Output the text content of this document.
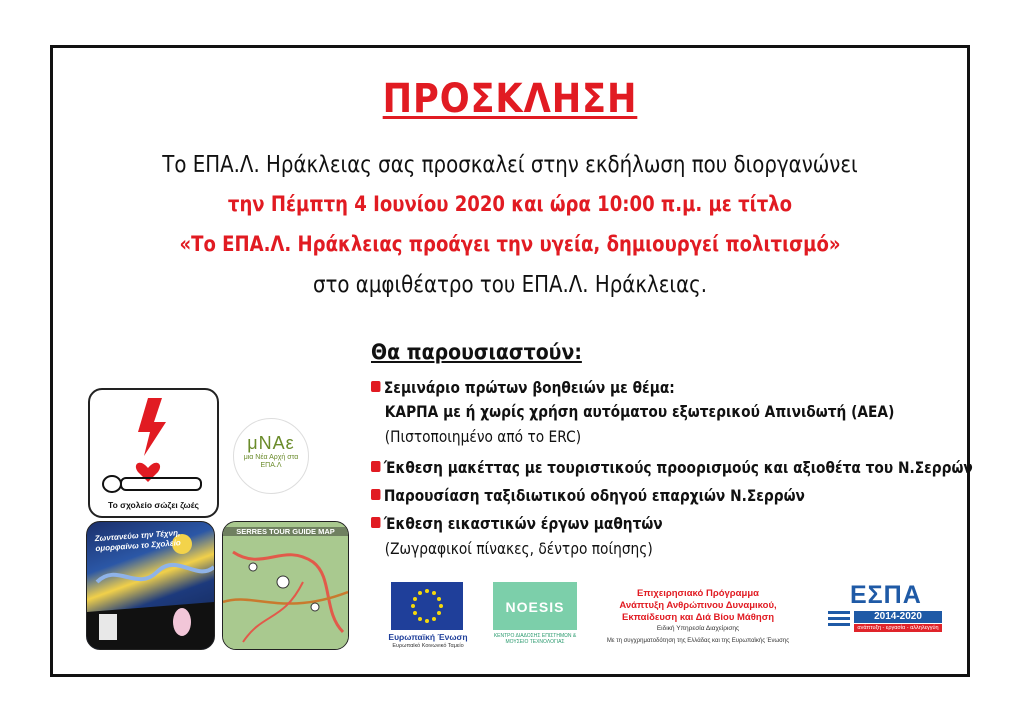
ΠΡΟΣΚΛΗΣΗ
Το ΕΠΑ.Λ. Ηράκλειας σας προσκαλεί στην εκδήλωση που διοργανώνει
την Πέμπτη 4 Ιουνίου 2020 και ώρα 10:00 π.μ. με τίτλο
«Το ΕΠΑ.Λ. Ηράκλειας προάγει την υγεία, δημιουργεί πολιτισμό»
στο αμφιθέατρο του ΕΠΑ.Λ. Ηράκλειας.
Θα παρουσιαστούν:
Σεμινάριο πρώτων βοηθειών με θέμα:
ΚΑΡΠΑ με ή χωρίς χρήση αυτόματου εξωτερικού Απινιδωτή (ΑΕΑ)
(Πιστοποιημένο από το ERC)
Έκθεση μακέττας με τουριστικούς προορισμούς και αξιοθέτα του Ν.Σερρών
Παρουσίαση ταξιδιωτικού οδηγού επαρχιών Ν.Σερρών
Έκθεση εικαστικών έργων μαθητών
(Ζωγραφικοί πίνακες, δέντρο ποίησης)
Το σχολείο σώζει ζωές
μΝΑε
μια Νέα Αρχή στα ΕΠΑ.Λ
Ζωντανεύω την Τέχνη, ομορφαίνω το Σχολείο
SERRES TOUR GUIDE MAP
Ευρωπαϊκή Ένωση
Ευρωπαϊκό Κοινωνικό Ταμείο
NOESIS
ΚΕΝΤΡΟ ΔΙΑΔΟΣΗΣ ΕΠΙΣΤΗΜΩΝ & ΜΟΥΣΕΙΟ ΤΕΧΝΟΛΟΓΙΑΣ
Επιχειρησιακό Πρόγραμμα
Ανάπτυξη Ανθρώπινου Δυναμικού,
Εκπαίδευση και Διά Βίου Μάθηση
Ειδική Υπηρεσία Διαχείρισης
Με τη συγχρηματοδότηση της Ελλάδας και της Ευρωπαϊκής Ένωσης
ΕΣΠΑ
2014-2020
ανάπτυξη - εργασία - αλληλεγγύη
